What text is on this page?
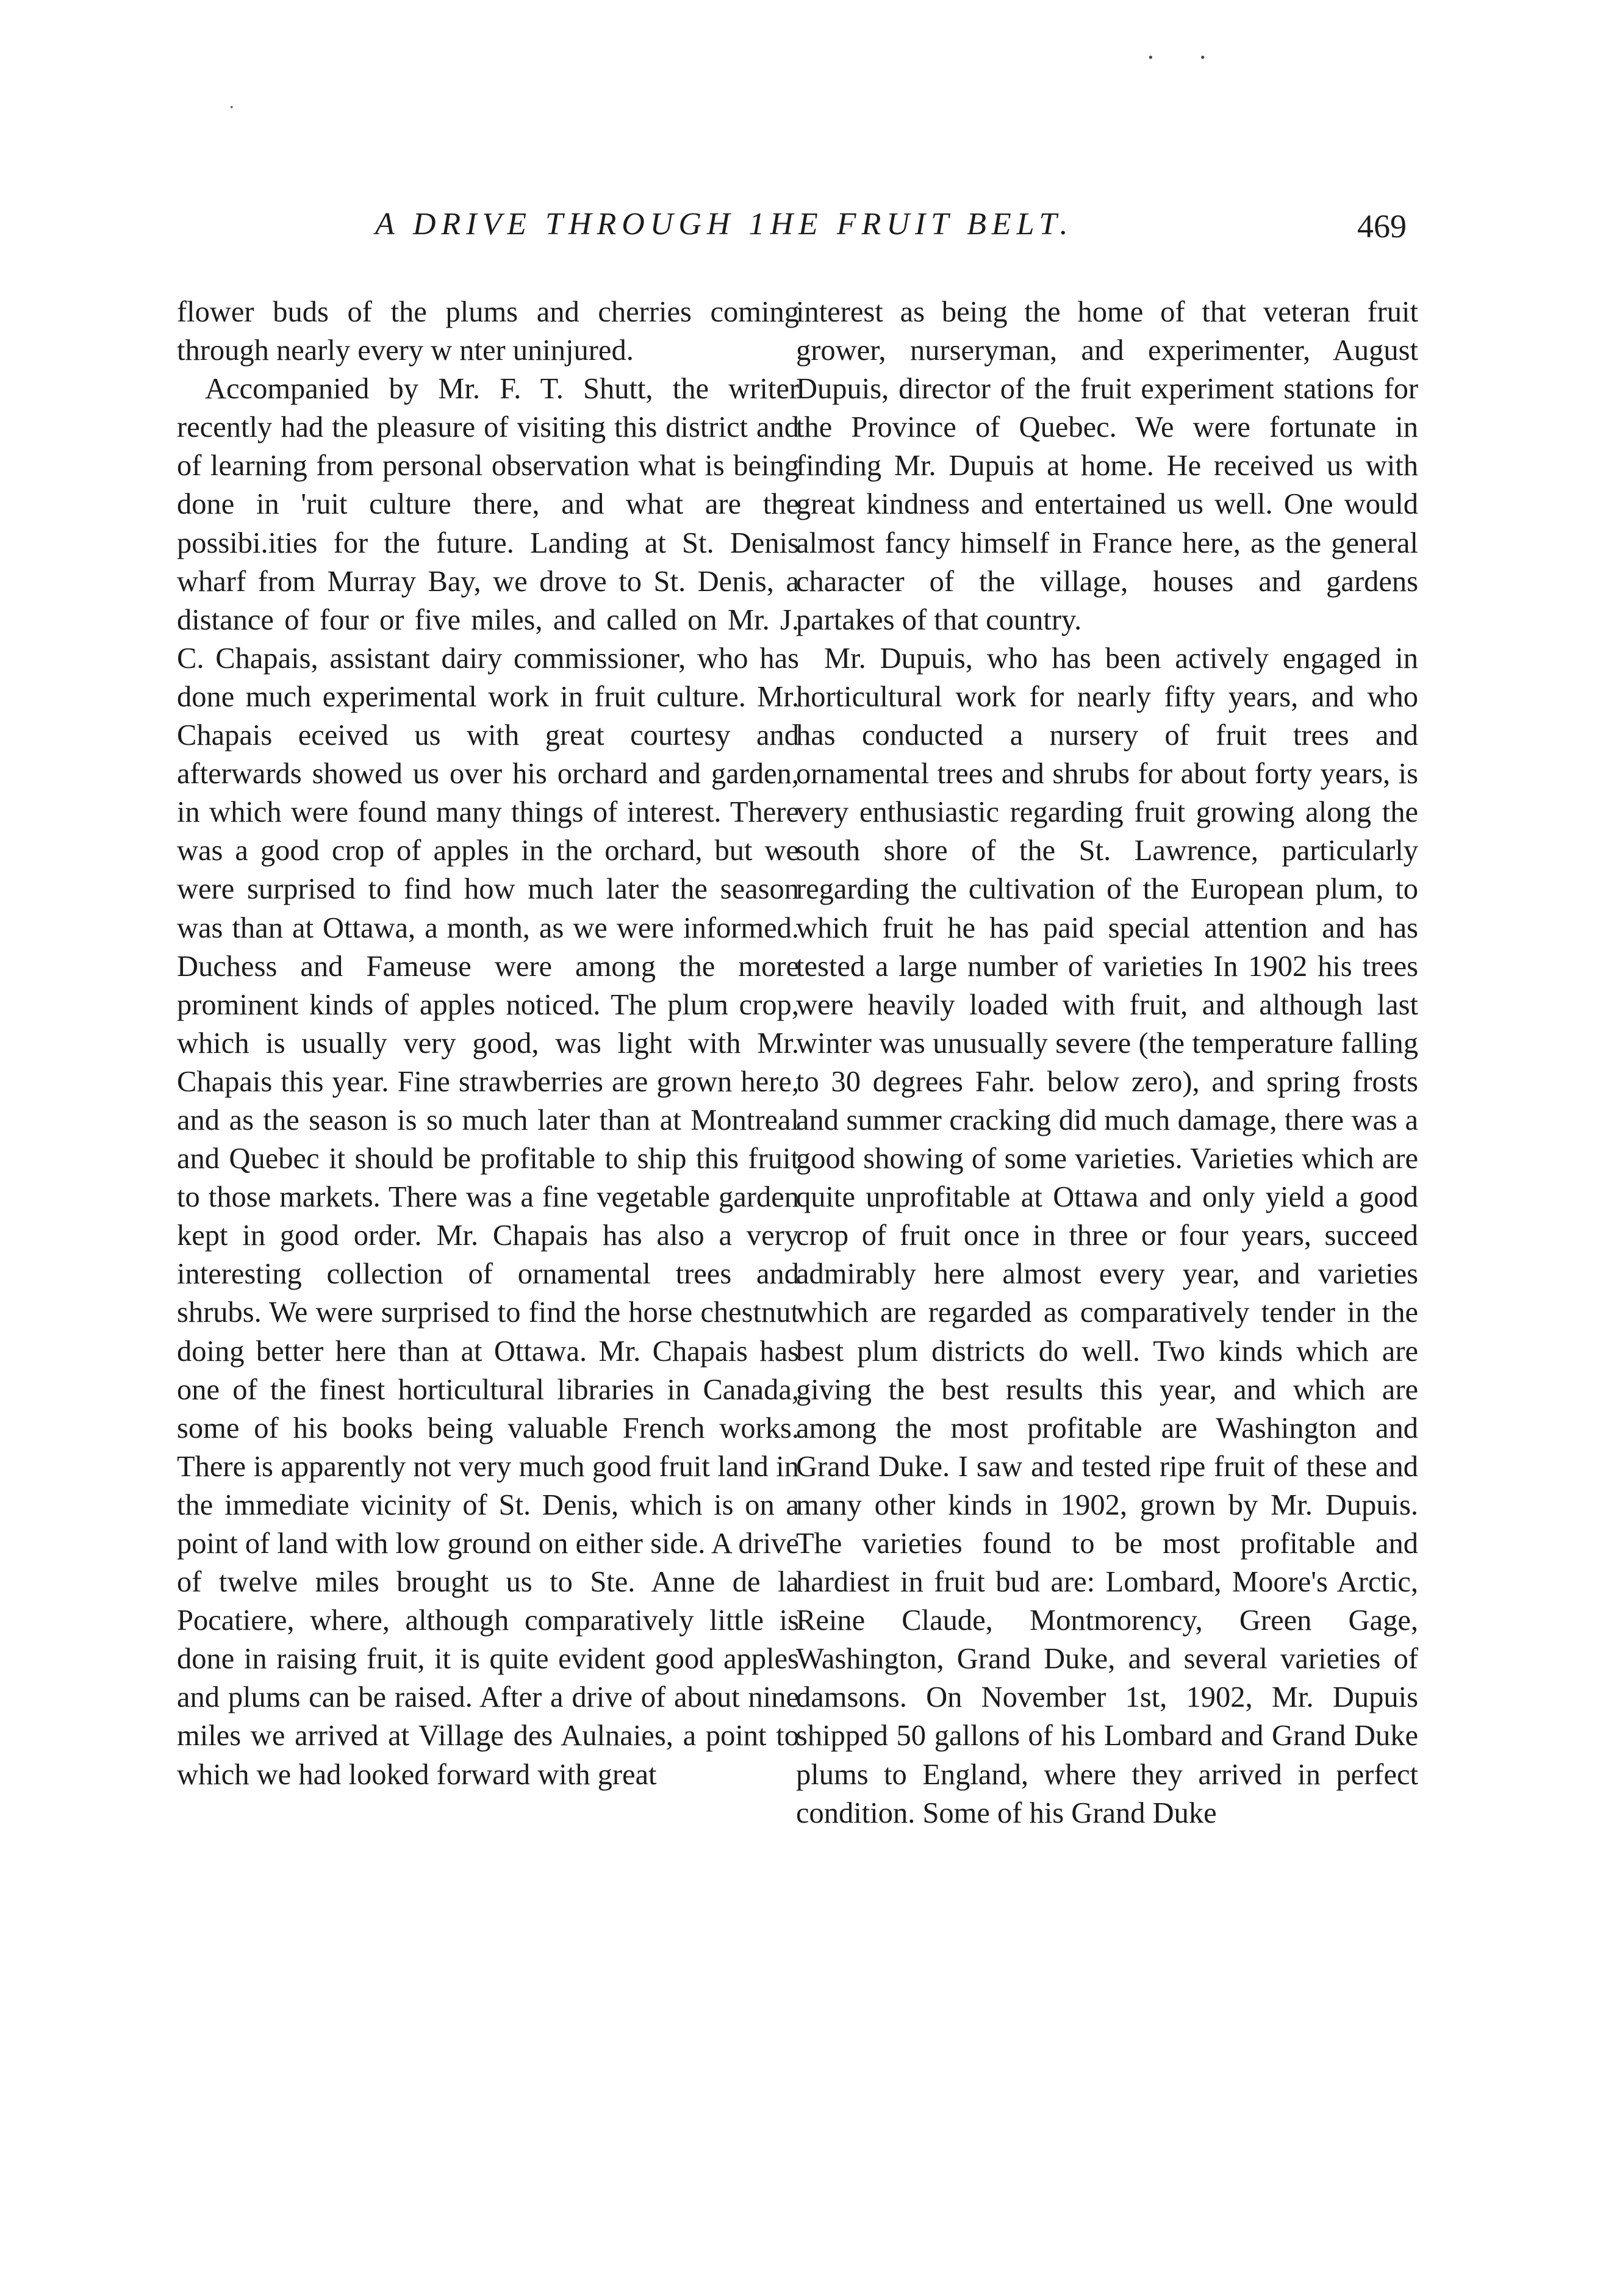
. .
.
A DRIVE THROUGH 1HE FRUIT BELT.	469

flower buds of the plums and cherries coming through nearly every w nter uninjured.

Accompanied by Mr. F. T. Shutt, the writer recently had the pleasure of visiting this district and of learning from personal observation what is being done in 'ruit culture there, and what are the possibi.ities for the future. Landing at St. Denis wharf from Murray Bay, we drove to St. Denis, a distance of four or five miles, and called on Mr. J. C. Chapais, assistant dairy commissioner, who has done much experimental work in fruit culture. Mr. Chapais eceived us with great courtesy and afterwards showed us over his orchard and garden, in which were found many things of interest. There was a good crop of apples in the orchard, but we were surprised to find how much later the season was than at Ottawa, a month, as we were informed. Duchess and Fameuse were among the more prominent kinds of apples noticed. The plum crop, which is usually very good, was light with Mr. Chapais this year. Fine strawberries are grown here, and as the season is so much later than at Montreal and Quebec it should be profitable to ship this fruit to those markets. There was a fine vegetable garden kept in good order. Mr. Chapais has also a very interesting collection of ornamental trees and shrubs. We were surprised to find the horse chestnut doing better here than at Ottawa. Mr. Chapais has one of the finest horticultural libraries in Canada, some of his books being valuable French works. There is apparently not very much good fruit land in the immediate vicinity of St. Denis, which is on a point of land with low ground on either side. A drive of twelve miles brought us to Ste. Anne de la Pocatiere, where, although comparatively little is done in raising fruit, it is quite evident good apples and plums can be raised. After a drive of about nine miles we arrived at Village des Aulnaies, a point to which we had looked forward with great

interest as being the home of that veteran fruit grower, nurseryman, and experimenter, August Dupuis, director of the fruit experiment stations for the Province of Quebec. We were fortunate in finding Mr. Dupuis at home. He received us with great kindness and entertained us well. One would almost fancy himself in France here, as the general character of the village, houses and gardens partakes of that country.

Mr. Dupuis, who has been actively engaged in horticultural work for nearly fifty years, and who has conducted a nursery of fruit trees and ornamental trees and shrubs for about forty years, is very enthusiastic regarding fruit growing along the south shore of the St. Lawrence, particularly regarding the cultivation of the European plum, to which fruit he has paid special attention and has tested a large number of varieties In 1902 his trees were heavily loaded with fruit, and although last winter was unusually severe (the temperature falling to 30 degrees Fahr. below zero), and spring frosts and summer cracking did much damage, there was a good showing of some varieties. Varieties which are quite unprofitable at Ottawa and only yield a good crop of fruit once in three or four years, succeed admirably here almost every year, and varieties which are regarded as comparatively tender in the best plum districts do well. Two kinds which are giving the best results this year, and which are among the most profitable are Washington and Grand Duke. I saw and tested ripe fruit of these and many other kinds in 1902, grown by Mr. Dupuis. The varieties found to be most profitable and hardiest in fruit bud are: Lombard, Moore's Arctic, Reine Claude, Montmorency, Green Gage, Washington, Grand Duke, and several varieties of damsons. On November 1st, 1902, Mr. Dupuis shipped 50 gallons of his Lombard and Grand Duke plums to England, where they arrived in perfect condition. Some of his Grand Duke
